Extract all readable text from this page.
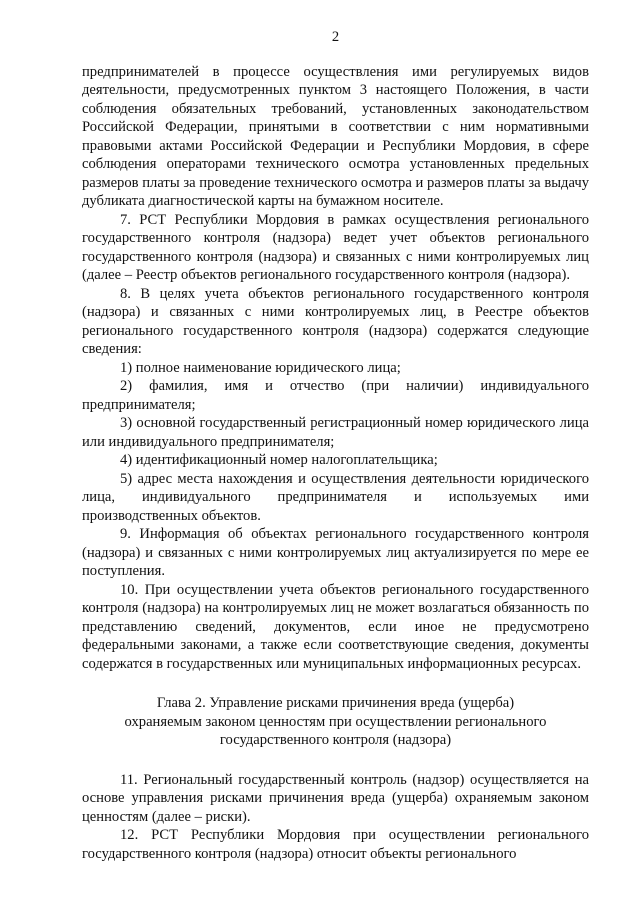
2

предпринимателей в процессе осуществления ими регулируемых видов деятельности, предусмотренных пунктом 3 настоящего Положения, в части соблюдения обязательных требований, установленных законодательством Российской Федерации, принятыми в соответствии с ним нормативными правовыми актами Российской Федерации и Республики Мордовия, в сфере соблюдения операторами технического осмотра установленных предельных размеров платы за проведение технического осмотра и размеров платы за выдачу дубликата диагностической карты на бумажном носителе.

7. РСТ Республики Мордовия в рамках осуществления регионального государственного контроля (надзора) ведет учет объектов регионального государственного контроля (надзора) и связанных с ними контролируемых лиц (далее – Реестр объектов регионального государственного контроля (надзора).

8. В целях учета объектов регионального государственного контроля (надзора) и связанных с ними контролируемых лиц, в Реестре объектов регионального государственного контроля (надзора) содержатся следующие сведения:

1) полное наименование юридического лица;

2) фамилия, имя и отчество (при наличии) индивидуального предпринимателя;

3) основной государственный регистрационный номер юридического лица или индивидуального предпринимателя;

4) идентификационный номер налогоплательщика;

5) адрес места нахождения и осуществления деятельности юридического лица, индивидуального предпринимателя и используемых ими производственных объектов.

9. Информация об объектах регионального государственного контроля (надзора) и связанных с ними контролируемых лиц актуализируется по мере ее поступления.

10. При осуществлении учета объектов регионального государственного контроля (надзора) на контролируемых лиц не может возлагаться обязанность по представлению сведений, документов, если иное не предусмотрено федеральными законами, а также если соответствующие сведения, документы содержатся в государственных или муниципальных информационных ресурсах.

Глава 2. Управление рисками причинения вреда (ущерба)
охраняемым законом ценностям при осуществлении регионального
государственного контроля (надзора)

11. Региональный государственный контроль (надзор) осуществляется на основе управления рисками причинения вреда (ущерба) охраняемым законом ценностям (далее – риски).

12. РСТ Республики Мордовия при осуществлении регионального государственного контроля (надзора) относит объекты регионального
